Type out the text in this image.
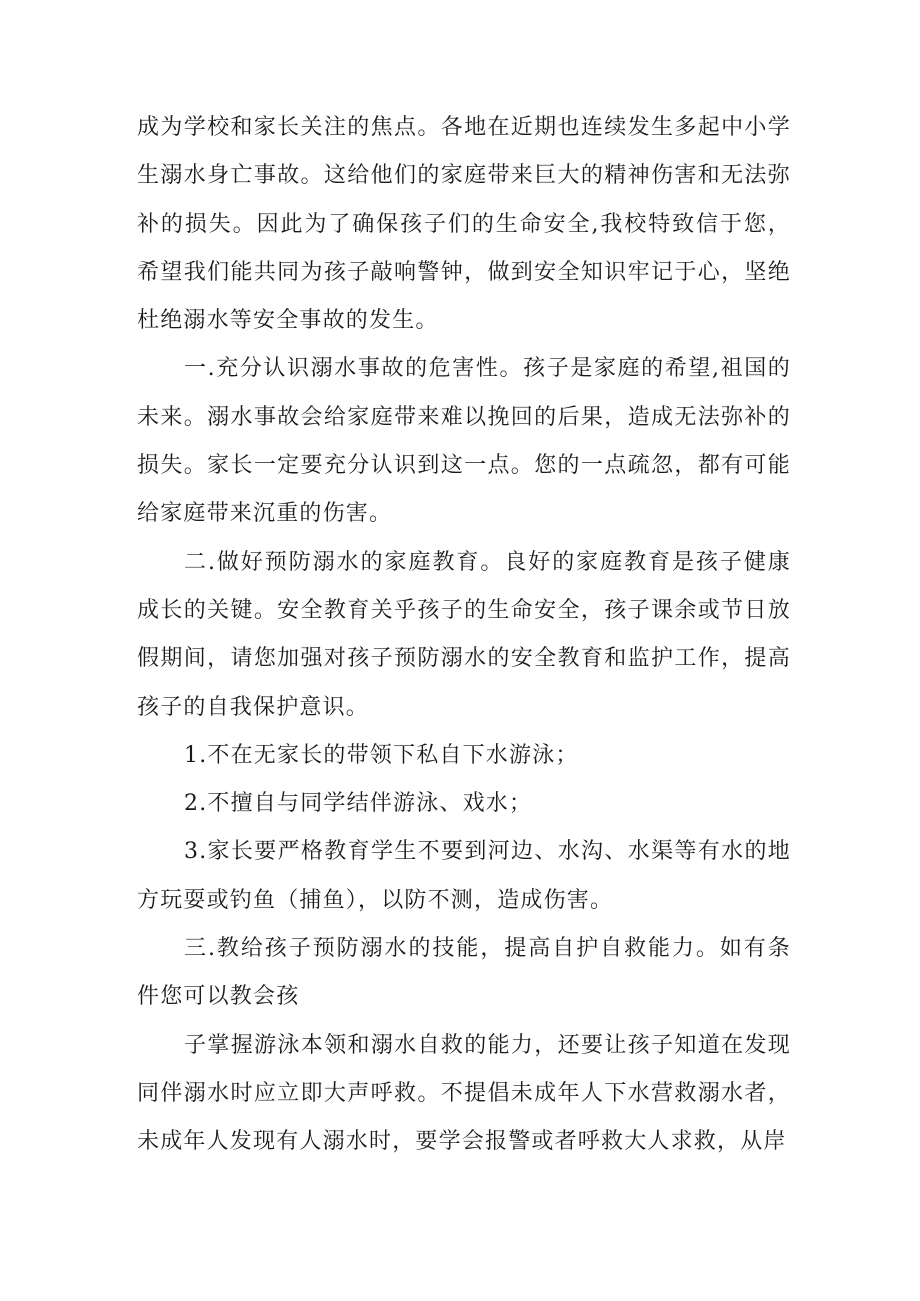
成为学校和家长关注的焦点。各地在近期也连续发生多起中小学生溺水身亡事故。这给他们的家庭带来巨大的精神伤害和无法弥补的损失。因此为了确保孩子们的生命安全,我校特致信于您，希望我们能共同为孩子敲响警钟，做到安全知识牢记于心，坚绝杜绝溺水等安全事故的发生。

一.充分认识溺水事故的危害性。孩子是家庭的希望,祖国的未来。溺水事故会给家庭带来难以挽回的后果，造成无法弥补的损失。家长一定要充分认识到这一点。您的一点疏忽，都有可能给家庭带来沉重的伤害。

二.做好预防溺水的家庭教育。良好的家庭教育是孩子健康成长的关键。安全教育关乎孩子的生命安全，孩子课余或节日放假期间，请您加强对孩子预防溺水的安全教育和监护工作，提高孩子的自我保护意识。

1.不在无家长的带领下私自下水游泳；

2.不擅自与同学结伴游泳、戏水；

3.家长要严格教育学生不要到河边、水沟、水渠等有水的地方玩耍或钓鱼（捕鱼），以防不测，造成伤害。

三.教给孩子预防溺水的技能，提高自护自救能力。如有条件您可以教会孩

子掌握游泳本领和溺水自救的能力，还要让孩子知道在发现同伴溺水时应立即大声呼救。不提倡未成年人下水营救溺水者，未成年人发现有人溺水时，要学会报警或者呼救大人求救，从岸
